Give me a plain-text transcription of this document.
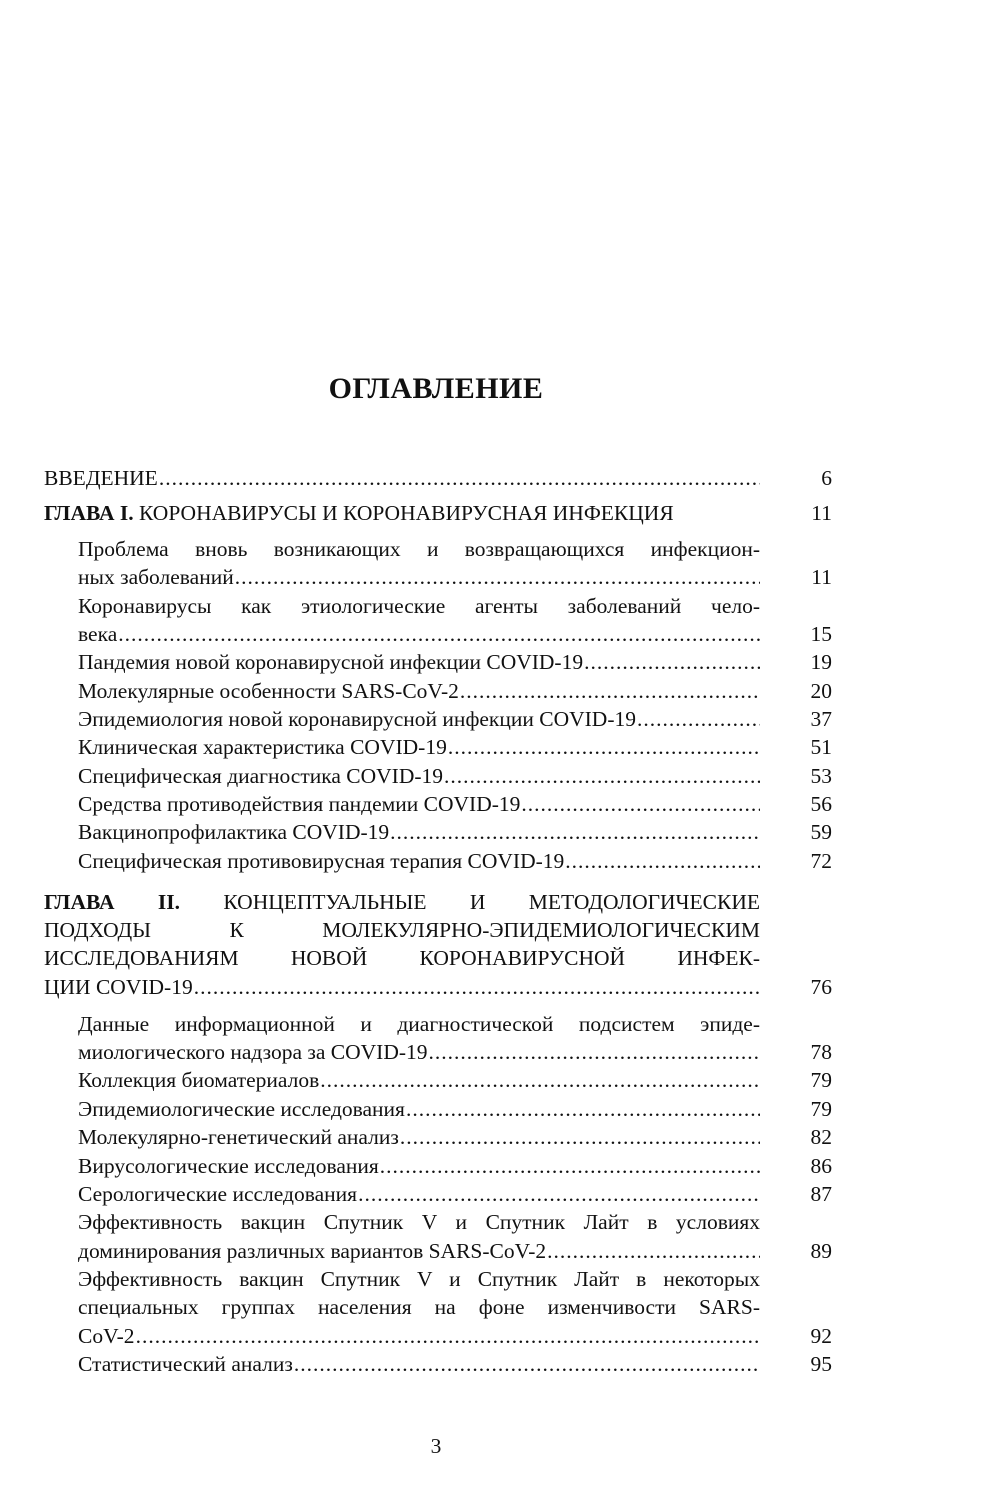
ОГЛАВЛЕНИЕ
ВВЕДЕНИЕ .....	6
ГЛАВА I. КОРОНАВИРУСЫ И КОРОНАВИРУСНАЯ ИНФЕКЦИЯ	11
Проблема вновь возникающих и возвращающихся инфекцион-
ных заболеваний .....	11
Коронавирусы как этиологические агенты заболеваний чело-
века .....	15
Пандемия новой коронавирусной инфекции COVID-19 .....	19
Молекулярные особенности SARS-CoV-2 .....	20
Эпидемиология новой коронавирусной инфекции COVID-19 .....	37
Клиническая характеристика COVID-19 .....	51
Специфическая диагностика COVID-19 .....	53
Средства противодействия пандемии COVID-19 .....	56
Вакцинопрофилактика COVID-19 .....	59
Специфическая противовирусная терапия COVID-19 .....	72
ГЛАВА II. КОНЦЕПТУАЛЬНЫЕ И МЕТОДОЛОГИЧЕСКИЕ
ПОДХОДЫ К МОЛЕКУЛЯРНО-ЭПИДЕМИОЛОГИЧЕСКИМ
ИССЛЕДОВАНИЯМ НОВОЙ КОРОНАВИРУСНОЙ ИНФЕК-
ЦИИ COVID-19 .....	76
Данные информационной и диагностической подсистем эпиде-
миологического надзора за COVID-19 .....	78
Коллекция биоматериалов .....	79
Эпидемиологические исследования .....	79
Молекулярно-генетический анализ .....	82
Вирусологические исследования .....	86
Серологические исследования .....	87
Эффективность вакцин Спутник V и Спутник Лайт в условиях
доминирования различных вариантов SARS-CoV-2 .....	89
Эффективность вакцин Спутник V и Спутник Лайт в некоторых
специальных группах населения на фоне изменчивости SARS-
CoV-2 .....	92
Статистический анализ .....	95
3
